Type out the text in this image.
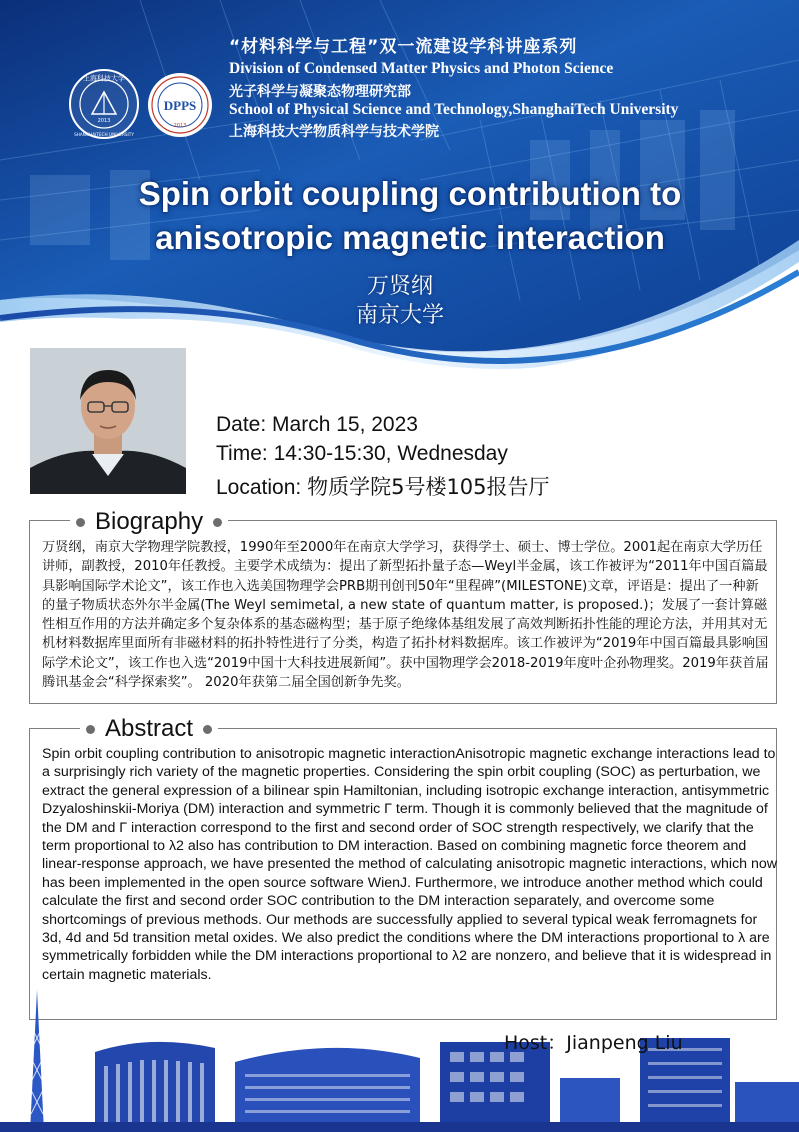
“材料科学与工程”双一流建设学科讲座系列
Division of Condensed Matter Physics and Photon Science
光子科学与凝聚态物理研究部
School of Physical Science and Technology,ShanghaiTech University
上海科技大学物质科学与技术学院
上海科技大学
SHANGHAITECH UNIVERSITY
2013
DPPS
2013
Spin orbit coupling contribution to
anisotropic magnetic interaction
万贤纲
南京大学
Date: March 15, 2023
Time: 14:30-15:30, Wednesday
Location: 物质学院5号楼105报告厅
Biography
万贤纲，南京大学物理学院教授，1990年至2000年在南京大学学习，获得学士、硕士、博士学位。2001起在南京大学历任讲师，副教授，2010年任教授。主要学术成绩为：提出了新型拓扑量子态—Weyl半金属，该工作被评为“2011年中国百篇最具影响国际学术论文”，该工作也入选美国物理学会PRB期刊创刊50年“里程碑”(MILESTONE)文章，评语是：提出了一种新的量子物质状态外尔半金属(The Weyl semimetal, a new state of quantum matter, is proposed.)；发展了一套计算磁性相互作用的方法并确定多个复杂体系的基态磁构型；基于原子绝缘体基组发展了高效判断拓扑性能的理论方法，并用其对无机材料数据库里面所有非磁材料的拓扑特性进行了分类，构造了拓扑材料数据库。该工作被评为“2019年中国百篇最具影响国际学术论文”，该工作也入选“2019中国十大科技进展新闻”。获中国物理学会2018-2019年度叶企孙物理奖。2019年获首届腾讯基金会“科学探索奖”。 2020年获第二届全国创新争先奖。
Abstract
Spin orbit coupling contribution to anisotropic magnetic interactionAnisotropic magnetic exchange interactions lead to a surprisingly rich variety of the magnetic properties. Considering the spin orbit coupling (SOC) as perturbation, we extract the general expression of a bilinear spin Hamiltonian, including isotropic exchange interaction, antisymmetric Dzyaloshinskii-Moriya (DM) interaction and symmetric Γ term. Though it is commonly believed that the magnitude of the DM and Γ interaction correspond to the first and second order of SOC strength respectively, we clarify that the term proportional to λ2 also has contribution to DM interaction. Based on combining magnetic force theorem and linear-response approach, we have presented the method of calculating anisotropic magnetic interactions, which now has been implemented in the open source software WienJ. Furthermore, we introduce another method which could calculate the first and second order SOC contribution to the DM interaction separately, and overcome some shortcomings of previous methods. Our methods are successfully applied to several typical weak ferromagnets for 3d, 4d and 5d transition metal oxides. We also predict the conditions where the DM interactions proportional to λ are symmetrically forbidden while the DM interactions proportional to λ2 are nonzero, and believe that it is widespread in certain magnetic materials.
Host：Jianpeng Liu
